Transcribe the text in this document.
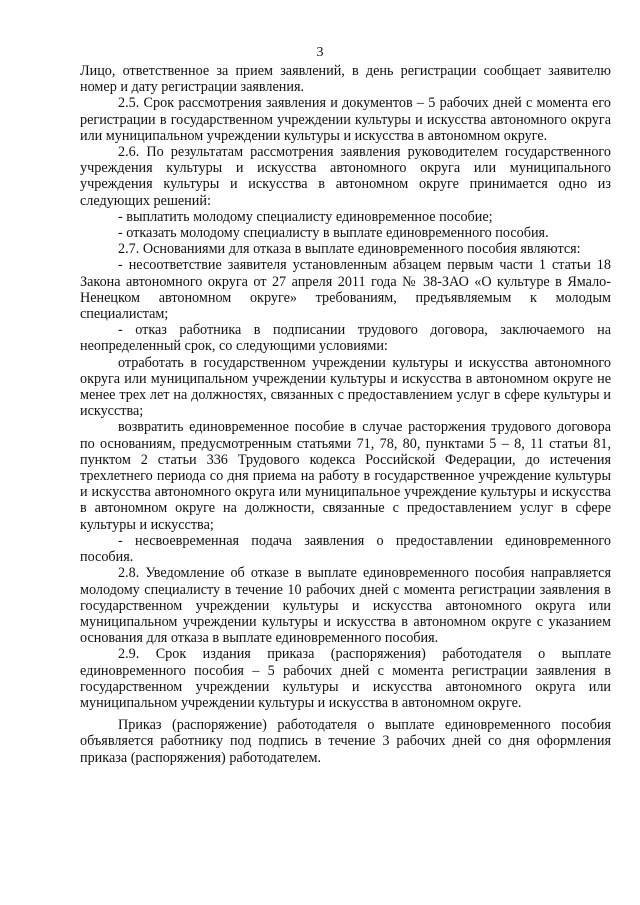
3

Лицо, ответственное за прием заявлений, в день регистрации сообщает заявителю номер и дату регистрации заявления.

2.5. Срок рассмотрения заявления и документов – 5 рабочих дней с момента его регистрации в государственном учреждении культуры и искусства автономного округа или муниципальном учреждении культуры и искусства в автономном округе.

2.6. По результатам рассмотрения заявления руководителем государственного учреждения культуры и искусства автономного округа или муниципального учреждения культуры и искусства в автономном округе принимается одно из следующих решений:

- выплатить молодому специалисту единовременное пособие;

- отказать молодому специалисту в выплате единовременного пособия.

2.7. Основаниями для отказа в выплате единовременного пособия являются:

- несоответствие заявителя установленным абзацем первым части 1 статьи 18 Закона автономного округа от 27 апреля 2011 года № 38-ЗАО «О культуре в Ямало-Ненецком автономном округе» требованиям, предъявляемым к молодым специалистам;

- отказ работника в подписании трудового договора, заключаемого на неопределенный срок, со следующими условиями:

отработать в государственном учреждении культуры и искусства автономного округа или муниципальном учреждении культуры и искусства в автономном округе не менее трех лет на должностях, связанных с предоставлением услуг в сфере культуры и искусства;

возвратить единовременное пособие в случае расторжения трудового договора по основаниям, предусмотренным статьями 71, 78, 80, пунктами 5 – 8, 11 статьи 81, пунктом 2 статьи 336 Трудового кодекса Российской Федерации, до истечения трехлетнего периода со дня приема на работу в государственное учреждение культуры и искусства автономного округа или муниципальное учреждение культуры и искусства в автономном округе на должности, связанные с предоставлением услуг в сфере культуры и искусства;

- несвоевременная подача заявления о предоставлении единовременного пособия.

2.8. Уведомление об отказе в выплате единовременного пособия направляется молодому специалисту в течение 10 рабочих дней с момента регистрации заявления в государственном учреждении культуры и искусства автономного округа или муниципальном учреждении культуры и искусства в автономном округе с указанием основания для отказа в выплате единовременного пособия.

2.9. Срок издания приказа (распоряжения) работодателя о выплате единовременного пособия – 5 рабочих дней с момента регистрации заявления в государственном учреждении культуры и искусства автономного округа или муниципальном учреждении культуры и искусства в автономном округе.

Приказ (распоряжение) работодателя о выплате единовременного пособия объявляется работнику под подпись в течение 3 рабочих дней со дня оформления приказа (распоряжения) работодателем.
